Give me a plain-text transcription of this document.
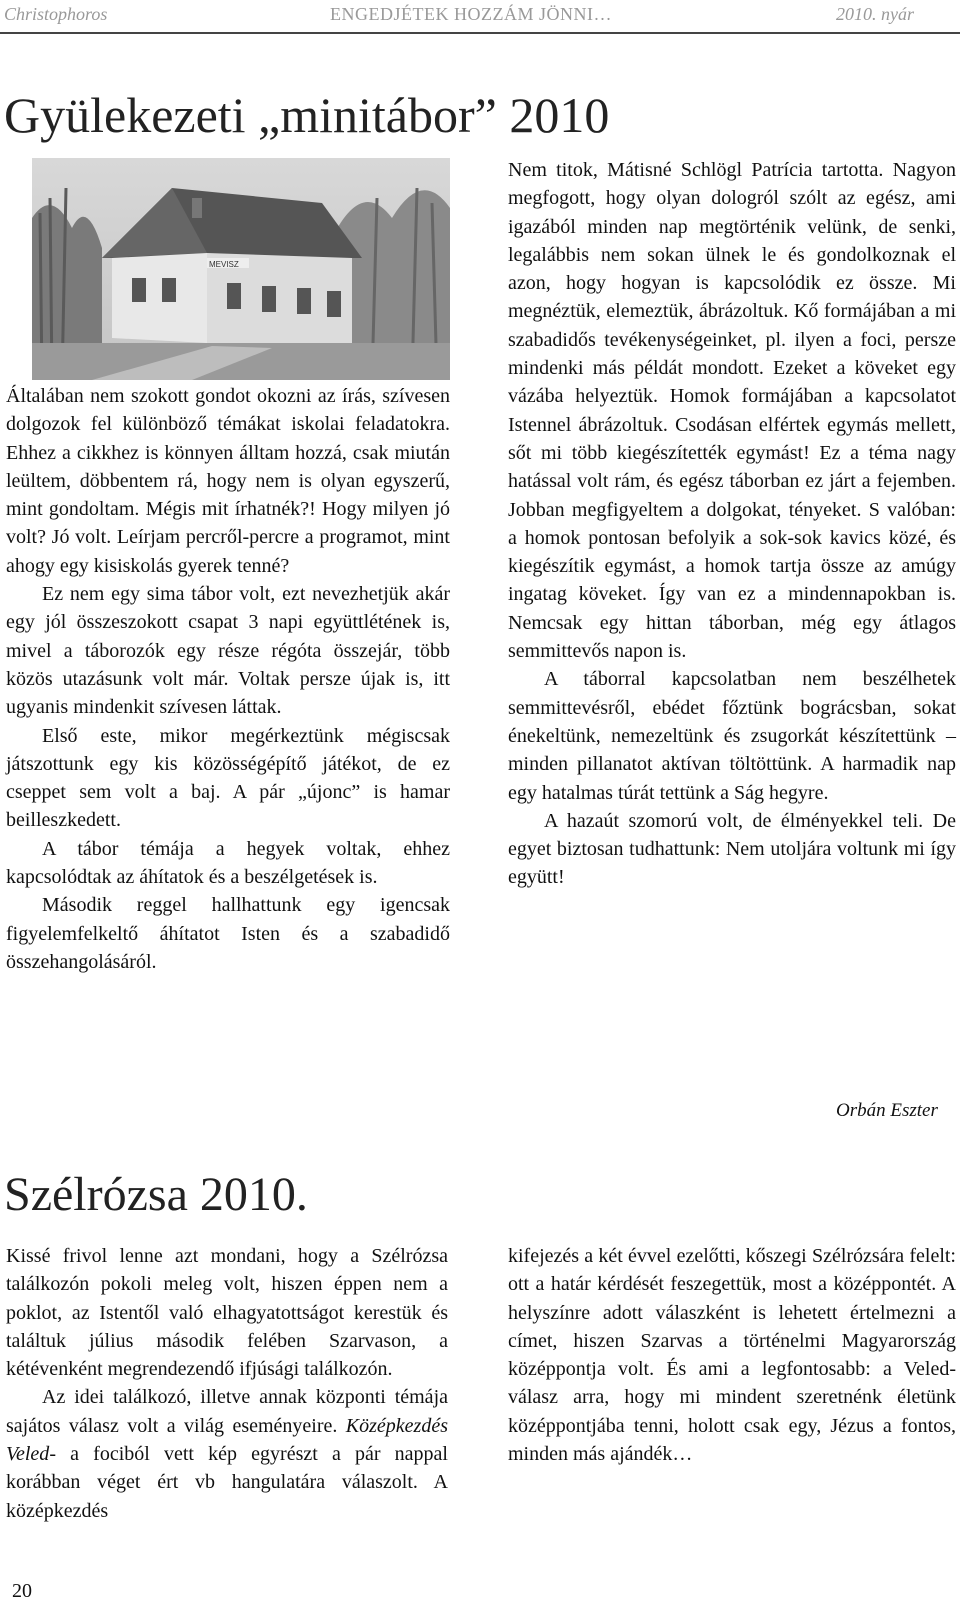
Christophoros	ENGEDJÉTEK HOZZÁM JÖNNI…	2010. nyár
Gyülekezeti „minitábor” 2010
MEVISZ

Általában nem szokott gondot okozni az írás, szívesen dolgozok fel különböző témákat iskolai feladatokra. Ehhez a cikkhez is könnyen álltam hozzá, csak miután leültem, döbbentem rá, hogy nem is olyan egyszerű, mint gondoltam. Mégis mit írhatnék?! Hogy milyen jó volt? Jó volt. Leírjam percről-percre a programot, mint ahogy egy kisiskolás gyerek tenné?

Ez nem egy sima tábor volt, ezt nevezhetjük akár egy jól összeszokott csapat 3 napi együttlétének is, mivel a táborozók egy része régóta összejár, több közös utazásunk volt már. Voltak persze újak is, itt ugyanis mindenkit szívesen láttak.

Első este, mikor megérkeztünk mégiscsak játszottunk egy kis közösségépítő játékot, de ez cseppet sem volt a baj. A pár „újonc” is hamar beilleszkedett.

A tábor témája a hegyek voltak, ehhez kapcsolódtak az áhítatok és a beszélgetések is.

Második reggel hallhattunk egy igencsak figyelemfelkeltő áhítatot Isten és a szabadidő összehangolásáról.

Nem titok, Mátisné Schlögl Patrícia tartotta. Nagyon megfogott, hogy olyan dologról szólt az egész, ami igazából minden nap megtörténik velünk, de senki, legalábbis nem sokan ülnek le és gondolkoznak el azon, hogy hogyan is kapcsolódik ez össze. Mi megnéztük, elemeztük, ábrázoltuk. Kő formájában a mi szabadidős tevékenységeinket, pl. ilyen a foci, persze mindenki más példát mondott. Ezeket a köveket egy vázába helyeztük. Homok formájában a kapcsolatot Istennel ábrázoltuk. Csodásan elfértek egymás mellett, sőt mi több kiegészítették egymást! Ez a téma nagy hatással volt rám, és egész táborban ez járt a fejemben. Jobban megfigyeltem a dolgokat, tényeket. S valóban: a homok pontosan befolyik a sok-sok kavics közé, és kiegészítik egymást, a homok tartja össze az amúgy ingatag köveket. Így van ez a mindennapokban is. Nemcsak egy hittan táborban, még egy átlagos semmittevős napon is.

A táborral kapcsolatban nem beszélhetek semmittevésről, ebédet főztünk bográcsban, sokat énekeltünk, nemezeltünk és zsugorkát készítettünk – minden pillanatot aktívan töltöttünk. A harmadik nap egy hatalmas túrát tettünk a Ság hegyre.

A hazaút szomorú volt, de élményekkel teli. De egyet biztosan tudhattunk: Nem utoljára voltunk mi így együtt!

Orbán Eszter
Szélrózsa 2010.

Kissé frivol lenne azt mondani, hogy a Szélrózsa találkozón pokoli meleg volt, hiszen éppen nem a poklot, az Istentől való elhagyatottságot kerestük és találtuk július második felében Szarvason, a kétévenként megrendezendő ifjúsági találkozón.

Az idei találkozó, illetve annak központi témája sajátos válasz volt a világ eseményeire. Középkezdés Veled- a fociból vett kép egyrészt a pár nappal korábban véget ért vb hangulatára válaszolt. A középkezdés

kifejezés a két évvel ezelőtti, kőszegi Szélrózsára felelt: ott a határ kérdését feszegettük, most a középpontét. A helyszínre adott válaszként is lehetett értelmezni a címet, hiszen Szarvas a történelmi Magyarország középpontja volt. És ami a legfontosabb: a Veled- válasz arra, hogy mi mindent szeretnénk életünk középpontjába tenni, holott csak egy, Jézus a fontos, minden más ajándék…

20
